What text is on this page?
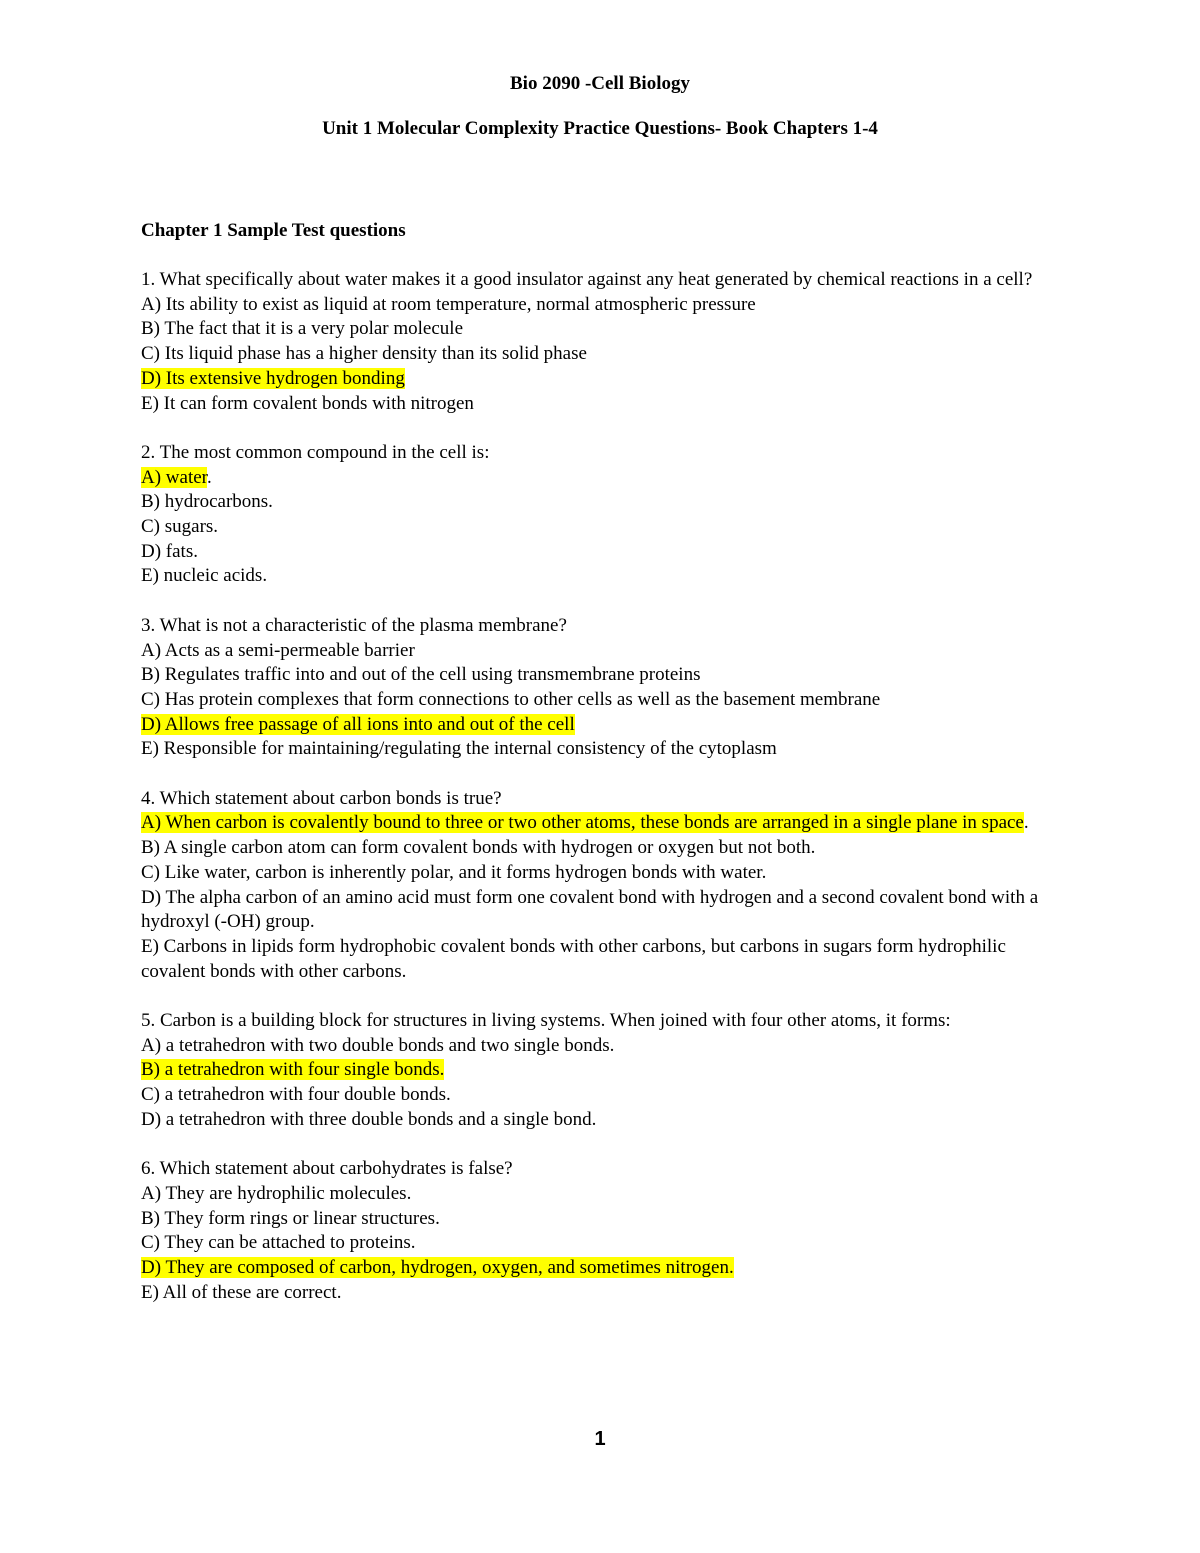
Bio 2090 -Cell Biology
Unit 1 Molecular Complexity Practice Questions- Book Chapters 1-4
Chapter 1 Sample Test questions
1. What specifically about water makes it a good insulator against any heat generated by chemical reactions in a cell?
A) Its ability to exist as liquid at room temperature, normal atmospheric pressure
B) The fact that it is a very polar molecule
C) Its liquid phase has a higher density than its solid phase
D) Its extensive hydrogen bonding
E) It can form covalent bonds with nitrogen
2. The most common compound in the cell is:
A) water.
B) hydrocarbons.
C) sugars.
D) fats.
E) nucleic acids.
3. What is not a characteristic of the plasma membrane?
A) Acts as a semi-permeable barrier
B) Regulates traffic into and out of the cell using transmembrane proteins
C) Has protein complexes that form connections to other cells as well as the basement membrane
D) Allows free passage of all ions into and out of the cell
E) Responsible for maintaining/regulating the internal consistency of the cytoplasm
4. Which statement about carbon bonds is true?
A) When carbon is covalently bound to three or two other atoms, these bonds are arranged in a single plane in space.
B) A single carbon atom can form covalent bonds with hydrogen or oxygen but not both.
C) Like water, carbon is inherently polar, and it forms hydrogen bonds with water.
D) The alpha carbon of an amino acid must form one covalent bond with hydrogen and a second covalent bond with a hydroxyl (-OH) group.
E) Carbons in lipids form hydrophobic covalent bonds with other carbons, but carbons in sugars form hydrophilic covalent bonds with other carbons.
5. Carbon is a building block for structures in living systems. When joined with four other atoms, it forms:
A) a tetrahedron with two double bonds and two single bonds.
B) a tetrahedron with four single bonds.
C) a tetrahedron with four double bonds.
D) a tetrahedron with three double bonds and a single bond.
6. Which statement about carbohydrates is false?
A) They are hydrophilic molecules.
B) They form rings or linear structures.
C) They can be attached to proteins.
D) They are composed of carbon, hydrogen, oxygen, and sometimes nitrogen.
E) All of these are correct.
1
